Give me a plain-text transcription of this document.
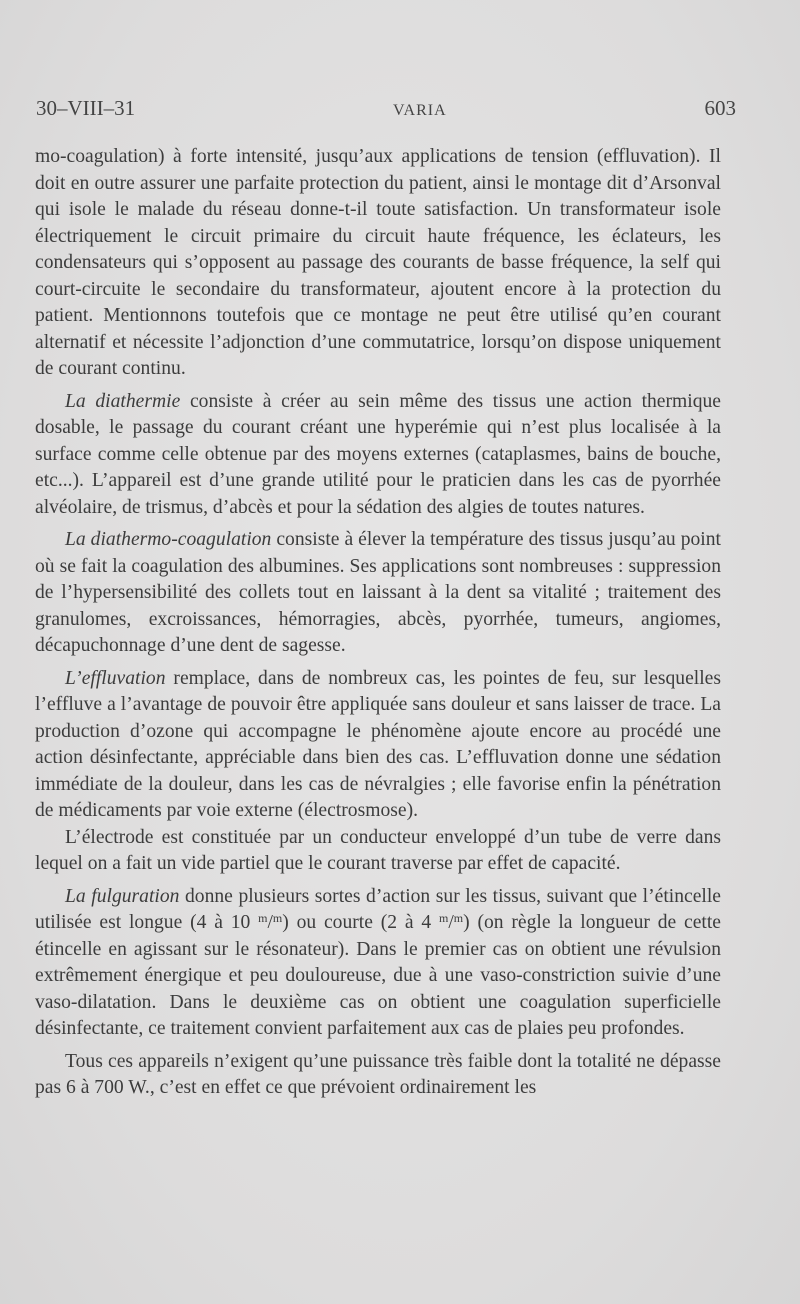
30–VIII–31	VARIA	603

mo-coagulation) à forte intensité, jusqu’aux applications de tension (effluvation). Il doit en outre assurer une parfaite protection du patient, ainsi le montage dit d’Arsonval qui isole le malade du réseau donne-t-il toute satisfaction. Un transformateur isole électriquement le circuit primaire du circuit haute fréquence, les éclateurs, les condensateurs qui s’opposent au passage des courants de basse fréquence, la self qui court-circuite le secondaire du transformateur, ajoutent encore à la protection du patient. Mentionnons toutefois que ce montage ne peut être utilisé qu’en courant alternatif et nécessite l’adjonction d’une commutatrice, lorsqu’on dispose uniquement de courant continu.

La diathermie consiste à créer au sein même des tissus une action thermique dosable, le passage du courant créant une hyperémie qui n’est plus localisée à la surface comme celle obtenue par des moyens externes (cataplasmes, bains de bouche, etc...). L’appareil est d’une grande utilité pour le praticien dans les cas de pyorrhée alvéolaire, de trismus, d’abcès et pour la sédation des algies de toutes natures.

La diathermo-coagulation consiste à élever la température des tissus jusqu’au point où se fait la coagulation des albumines. Ses applications sont nombreuses : suppression de l’hypersensibilité des collets tout en laissant à la dent sa vitalité ; traitement des granulomes, excroissances, hémorragies, abcès, pyorrhée, tumeurs, angiomes, décapuchonnage d’une dent de sagesse.

L’effluvation remplace, dans de nombreux cas, les pointes de feu, sur lesquelles l’effluve a l’avantage de pouvoir être appliquée sans douleur et sans laisser de trace. La production d’ozone qui accompagne le phénomène ajoute encore au procédé une action désinfectante, appréciable dans bien des cas. L’effluvation donne une sédation immédiate de la douleur, dans les cas de névralgies ; elle favorise enfin la pénétration de médicaments par voie externe (électrosmose).

L’électrode est constituée par un conducteur enveloppé d’un tube de verre dans lequel on a fait un vide partiel que le courant traverse par effet de capacité.

La fulguration donne plusieurs sortes d’action sur les tissus, suivant que l’étincelle utilisée est longue (4 à 10 $^m$/$^m$) ou courte (2 à 4 $^m$/$^m$) (on règle la longueur de cette étincelle en agissant sur le résonateur). Dans le premier cas on obtient une révulsion extrêmement énergique et peu douloureuse, due à une vaso-constriction suivie d’une vaso-dilatation. Dans le deuxième cas on obtient une coagulation superficielle désinfectante, ce traitement convient parfaitement aux cas de plaies peu profondes.

Tous ces appareils n’exigent qu’une puissance très faible dont la totalité ne dépasse pas 6 à 700 W., c’est en effet ce que prévoient ordinairement les
